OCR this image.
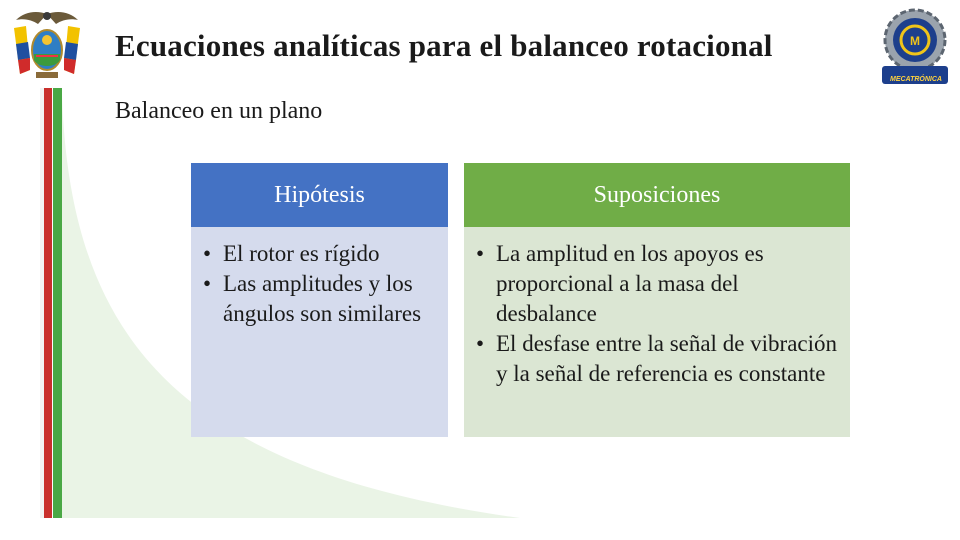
M
MECATRÓNICA
Ecuaciones analíticas para el balanceo rotacional
Balanceo en un plano
Hipótesis
• El rotor es rígido
• Las amplitudes y los ángulos son similares
Suposiciones
• La amplitud en los apoyos es proporcional a la masa del desbalance
• El desfase entre la señal de vibración y la señal de referencia es constante
